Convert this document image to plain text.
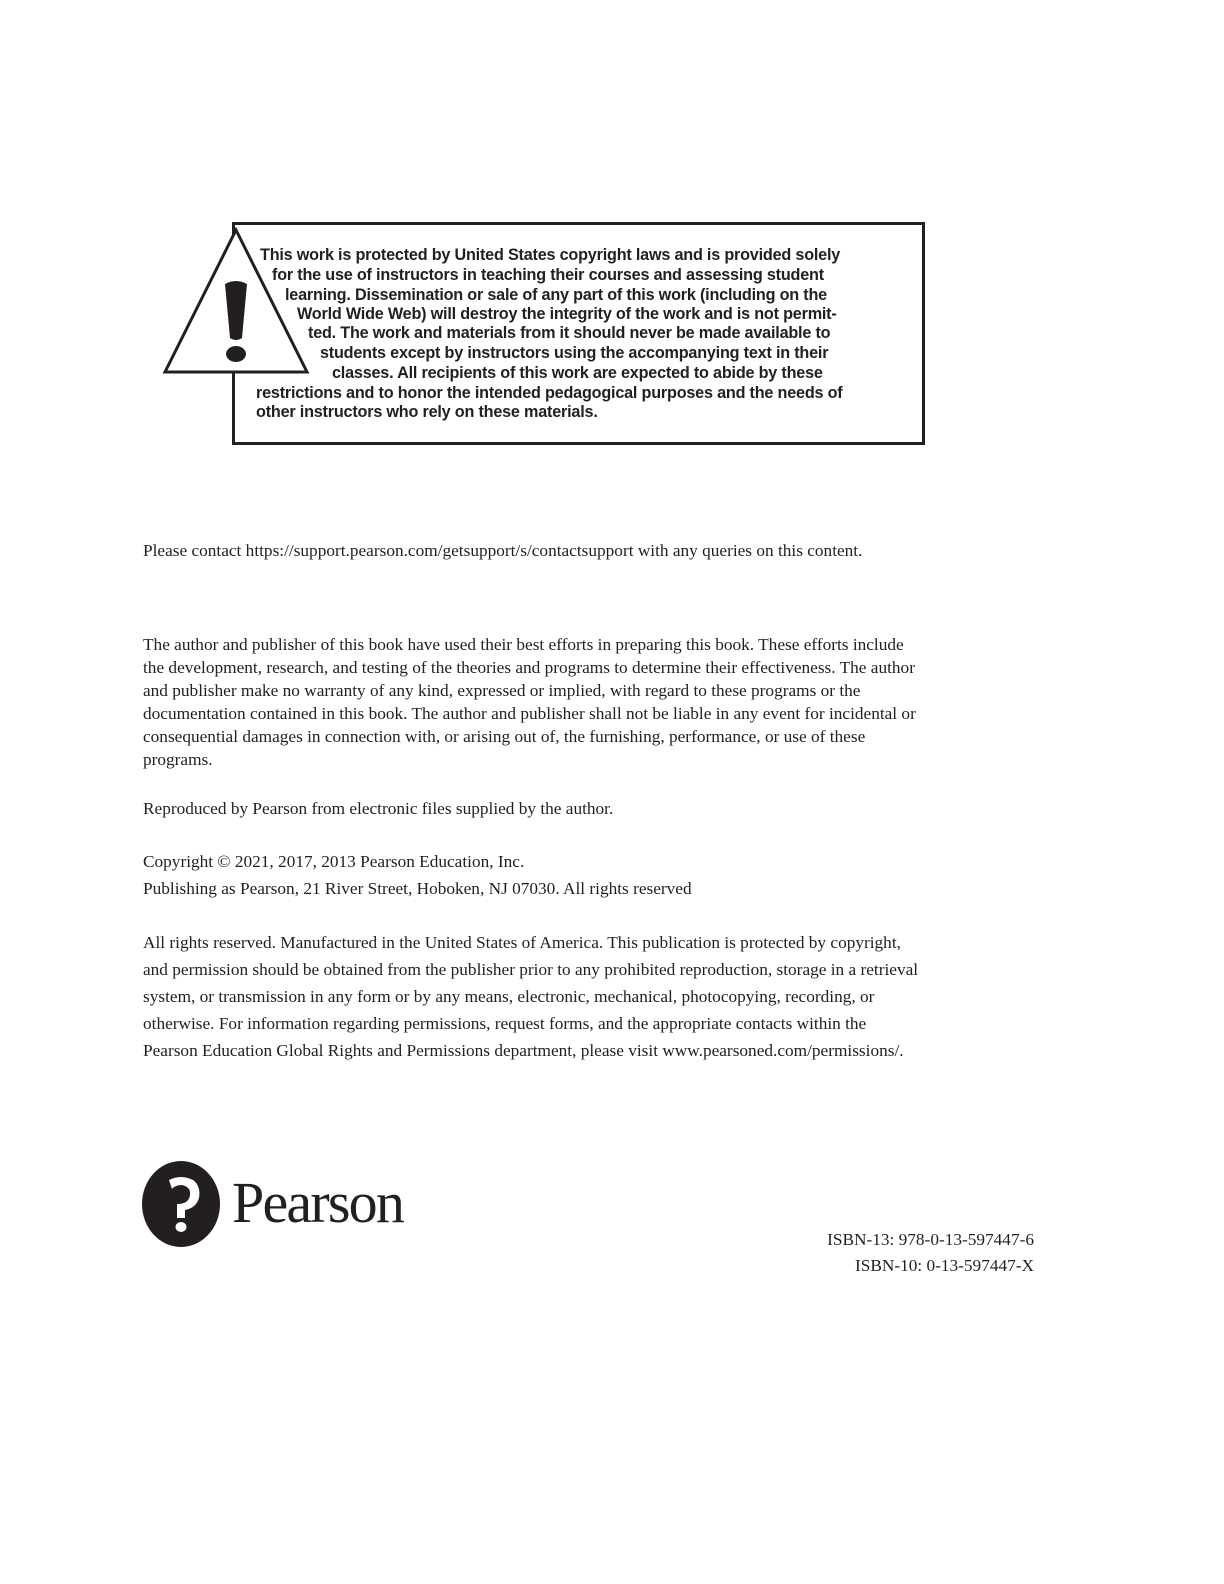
This work is protected by United States copyright laws and is provided solely
for the use of instructors in teaching their courses and assessing student
learning. Dissemination or sale of any part of this work (including on the
World Wide Web) will destroy the integrity of the work and is not permit-
ted. The work and materials from it should never be made available to
students except by instructors using the accompanying text in their
classes. All recipients of this work are expected to abide by these
restrictions and to honor the intended pedagogical purposes and the needs of
other instructors who rely on these materials.
Please contact https://support.pearson.com/getsupport/s/contactsupport with any queries on this content.
The author and publisher of this book have used their best efforts in preparing this book. These efforts include
the development, research, and testing of the theories and programs to determine their effectiveness. The author
and publisher make no warranty of any kind, expressed or implied, with regard to these programs or the
documentation contained in this book. The author and publisher shall not be liable in any event for incidental or
consequential damages in connection with, or arising out of, the furnishing, performance, or use of these
programs.
Reproduced by Pearson from electronic files supplied by the author.
Copyright © 2021, 2017, 2013 Pearson Education, Inc.
Publishing as Pearson, 21 River Street, Hoboken, NJ 07030. All rights reserved
All rights reserved. Manufactured in the United States of America. This publication is protected by copyright,
and permission should be obtained from the publisher prior to any prohibited reproduction, storage in a retrieval
system, or transmission in any form or by any means, electronic, mechanical, photocopying, recording, or
otherwise. For information regarding permissions, request forms, and the appropriate contacts within the
Pearson Education Global Rights and Permissions department, please visit www.pearsoned.com/permissions/.
Pearson
ISBN-13: 978-0-13-597447-6
ISBN-10: 0-13-597447-X
